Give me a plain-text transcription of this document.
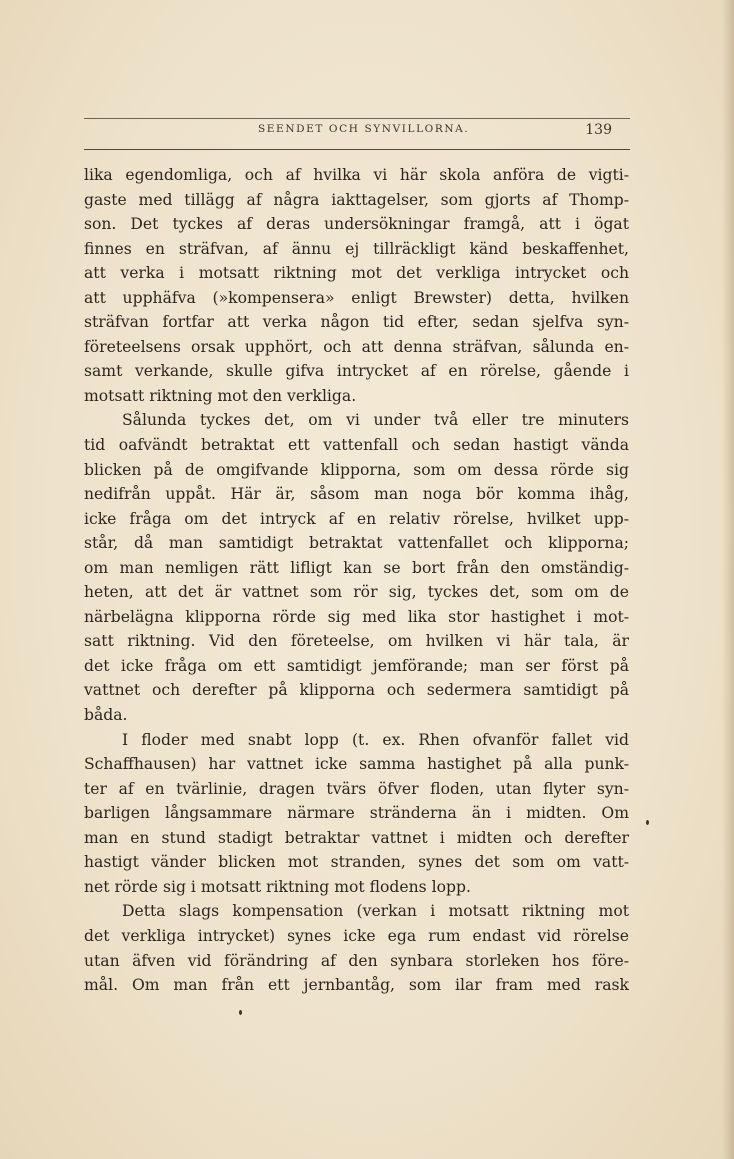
SEENDET OCH SYNVILLORNA.	139
lika egendomliga, och af hvilka vi här skola anföra de vigti-
gaste med tillägg af några iakttagelser, som gjorts af Thomp-
son. Det tyckes af deras undersökningar framgå, att i ögat
finnes en sträfvan, af ännu ej tillräckligt känd beskaffenhet,
att verka i motsatt riktning mot det verkliga intrycket och
att upphäfva (»kompensera» enligt Brewster) detta, hvilken
sträfvan fortfar att verka någon tid efter, sedan sjelfva syn-
företeelsens orsak upphört, och att denna sträfvan, sålunda en-
samt verkande, skulle gifva intrycket af en rörelse, gående i
motsatt riktning mot den verkliga.
Sålunda tyckes det, om vi under två eller tre minuters
tid oafvändt betraktat ett vattenfall och sedan hastigt vända
blicken på de omgifvande klipporna, som om dessa rörde sig
nedifrån uppåt. Här är, såsom man noga bör komma ihåg,
icke fråga om det intryck af en relativ rörelse, hvilket upp-
står, då man samtidigt betraktat vattenfallet och klipporna;
om man nemligen rätt lifligt kan se bort från den omständig-
heten, att det är vattnet som rör sig, tyckes det, som om de
närbelägna klipporna rörde sig med lika stor hastighet i mot-
satt riktning. Vid den företeelse, om hvilken vi här tala, är
det icke fråga om ett samtidigt jemförande; man ser först på
vattnet och derefter på klipporna och sedermera samtidigt på
båda.
I floder med snabt lopp (t. ex. Rhen ofvanför fallet vid
Schaffhausen) har vattnet icke samma hastighet på alla punk-
ter af en tvärlinie, dragen tvärs öfver floden, utan flyter syn-
barligen långsammare närmare stränderna än i midten. Om
man en stund stadigt betraktar vattnet i midten och derefter
hastigt vänder blicken mot stranden, synes det som om vatt-
net rörde sig i motsatt riktning mot flodens lopp.
Detta slags kompensation (verkan i motsatt riktning mot
det verkliga intrycket) synes icke ega rum endast vid rörelse
utan äfven vid förändring af den synbara storleken hos före-
mål. Om man från ett jernbantåg, som ilar fram med rask
